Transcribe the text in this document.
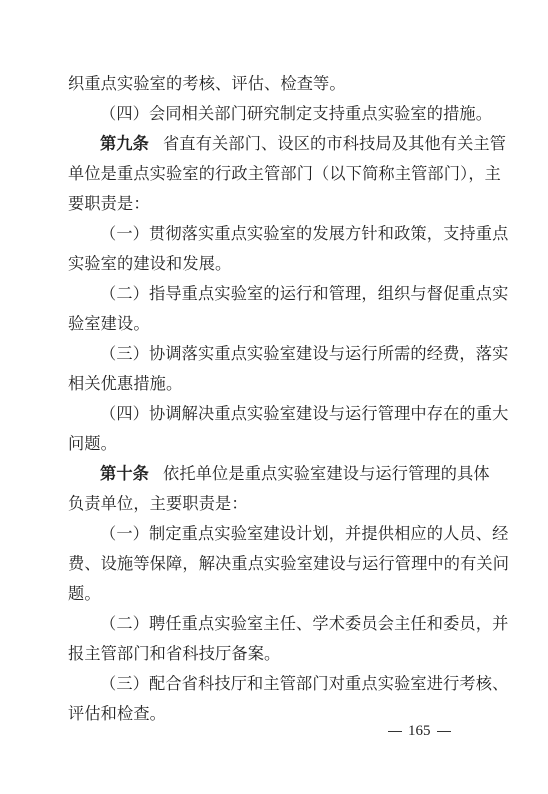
织重点实验室的考核、评估、检查等。
（四）会同相关部门研究制定支持重点实验室的措施。
第九条 省直有关部门、设区的市科技局及其他有关主管
单位是重点实验室的行政主管部门（以下简称主管部门），主
要职责是：
（一）贯彻落实重点实验室的发展方针和政策，支持重点
实验室的建设和发展。
（二）指导重点实验室的运行和管理，组织与督促重点实
验室建设。
（三）协调落实重点实验室建设与运行所需的经费，落实
相关优惠措施。
（四）协调解决重点实验室建设与运行管理中存在的重大
问题。
第十条 依托单位是重点实验室建设与运行管理的具体
负责单位，主要职责是：
（一）制定重点实验室建设计划，并提供相应的人员、经
费、设施等保障，解决重点实验室建设与运行管理中的有关问
题。
（二）聘任重点实验室主任、学术委员会主任和委员，并
报主管部门和省科技厅备案。
（三）配合省科技厅和主管部门对重点实验室进行考核、
评估和检查。
165
